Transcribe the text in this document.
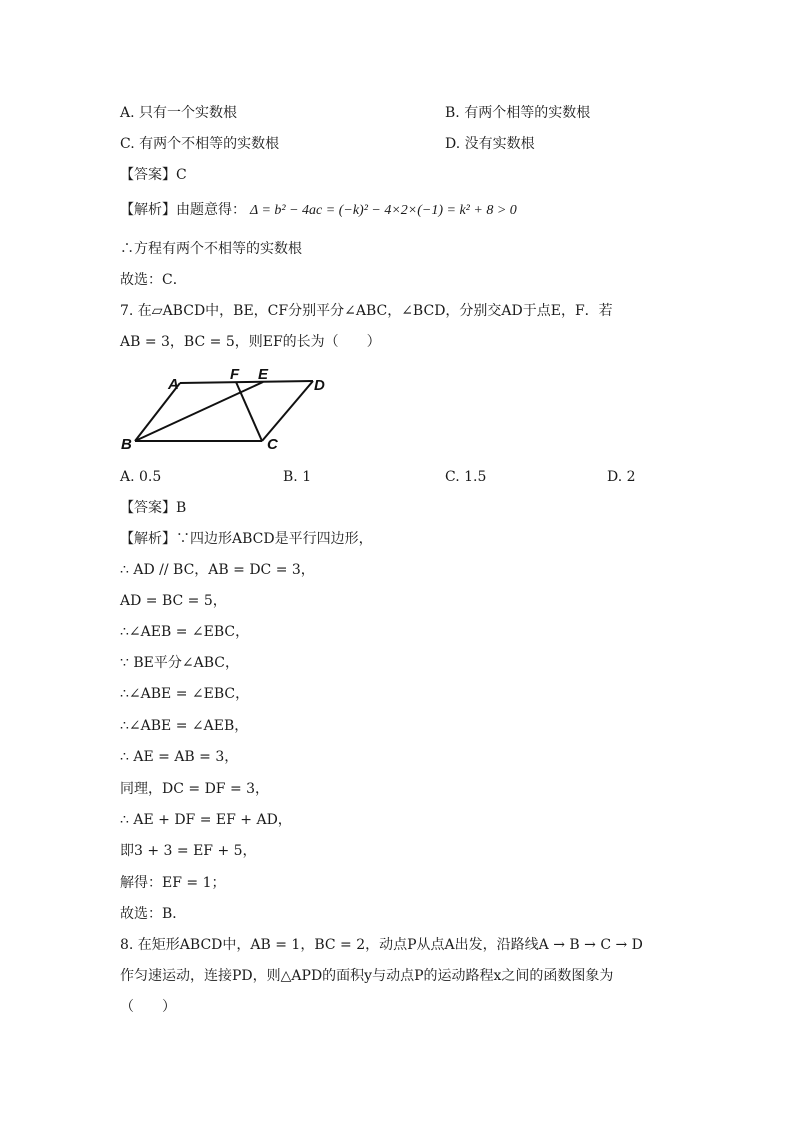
A. 只有一个实数根	B. 有两个相等的实数根
C. 有两个不相等的实数根	D. 没有实数根
【答案】C
【解析】由题意得： Δ = b² − 4ac = (−k)² − 4×2×(−1) = k² + 8 > 0
∴方程有两个不相等的实数根
故选：C．
7. 在▱ABCD中，BE，CF分别平分∠ABC，∠BCD，分别交AD于点E，F．若
AB = 3，BC = 5，则EF的长为（　　）
A
F E
D
B	C
A. 0.5	B. 1	C. 1.5	D. 2
【答案】B
【解析】∵四边形ABCD是平行四边形，
∴ AD // BC，AB = DC = 3，
AD = BC = 5，
∴∠AEB = ∠EBC，
∵ BE平分∠ABC，
∴∠ABE = ∠EBC，
∴∠ABE = ∠AEB，
∴ AE = AB = 3，
同理，DC = DF = 3，
∴ AE + DF = EF + AD，
即3 + 3 = EF + 5，
解得：EF = 1；
故选：B．
8. 在矩形ABCD中，AB = 1，BC = 2，动点P从点A出发，沿路线A → B → C → D
作匀速运动，连接PD，则△APD的面积y与动点P的运动路程x之间的函数图象为
（　　）
